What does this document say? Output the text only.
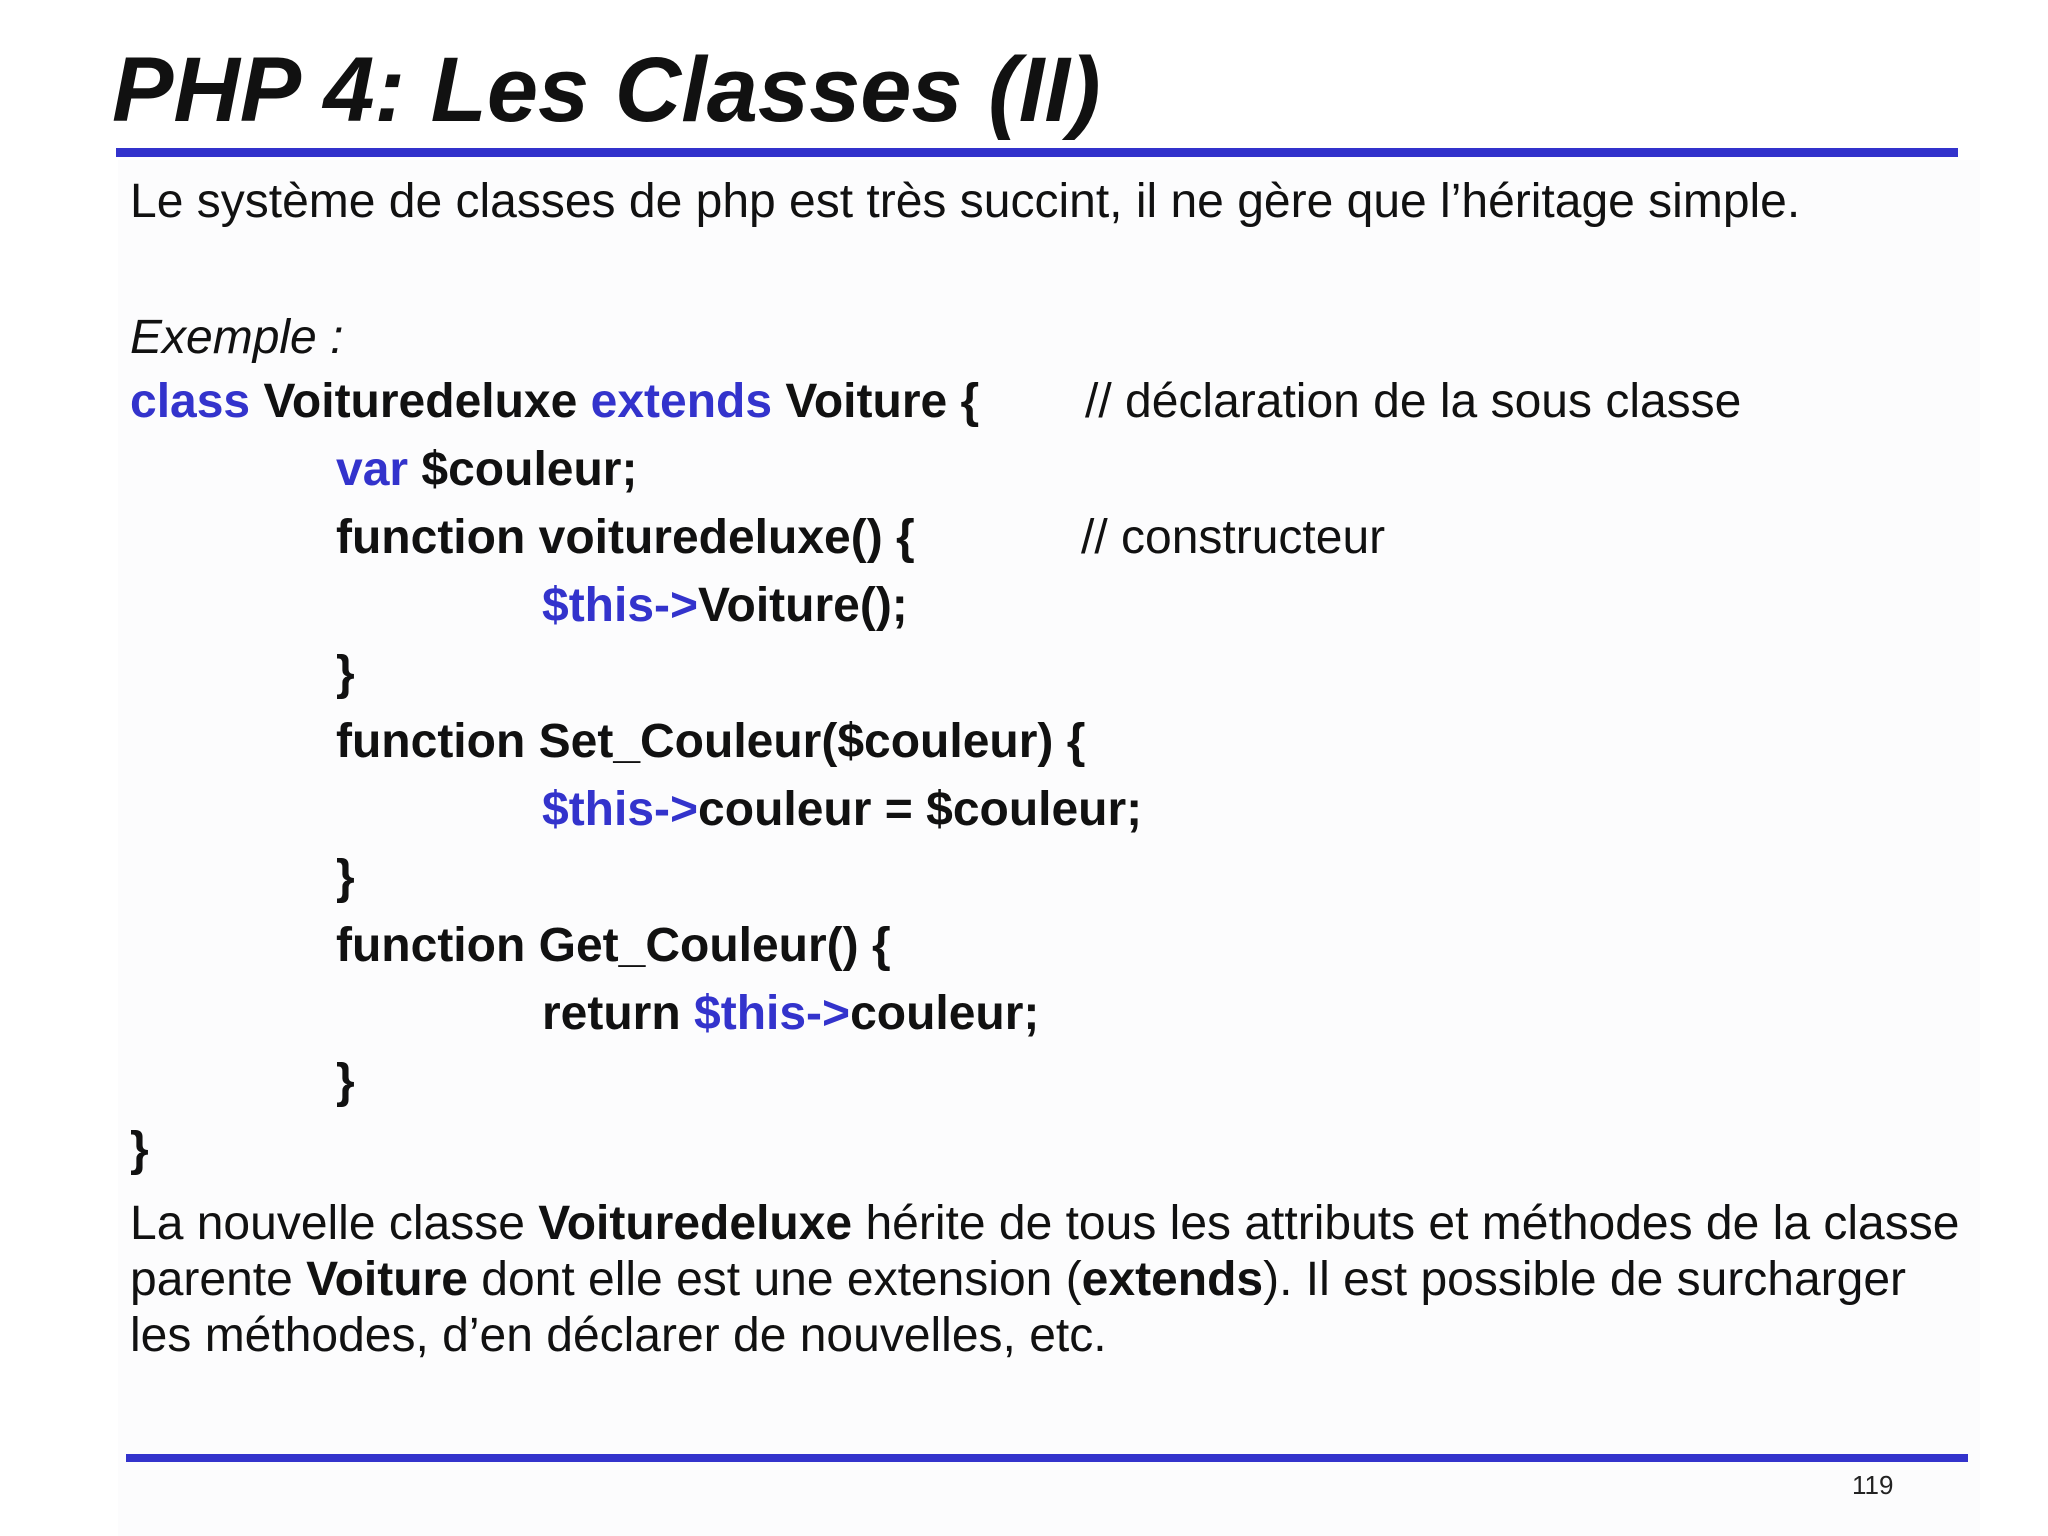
PHP 4: Les Classes (II)
Le système de classes de php est très succint, il ne gère que l’héritage simple.
Exemple :
class Voituredeluxe extends Voiture { // déclaration de la sous classe
var $couleur;
function voituredeluxe() {	// constructeur
$this->Voiture();
}
function Set_Couleur($couleur) {
$this->couleur = $couleur;
}
function Get_Couleur() {
return $this->couleur;
}
}
La nouvelle classe Voituredeluxe hérite de tous les attributs et méthodes de la classe parente Voiture dont elle est une extension (extends). Il est possible de surcharger les méthodes, d’en déclarer de nouvelles, etc.
119
